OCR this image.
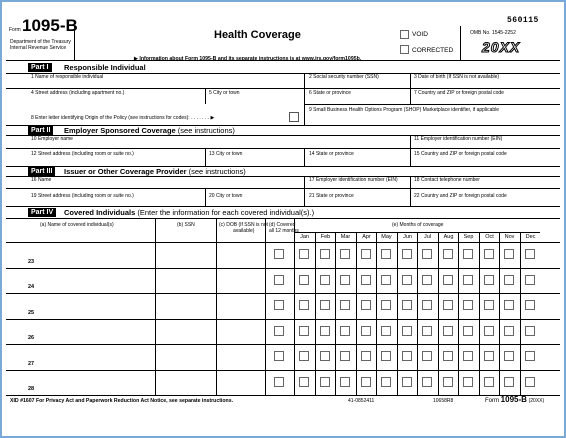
560115
Form 1095-B
Department of the Treasury
Internal Revenue Service
Health Coverage
▶ Information about Form 1095-B and its separate instructions is at www.irs.gov/form1095b.
VOID
CORRECTED
OMB No. 1545-2252
20XX
Part I	Responsible Individual
1 Name of responsible individual	2 Social security number (SSN)	3 Date of birth (If SSN is not available)
4 Street address (including apartment no.)	5 City or town	6 State or province	7 Country and ZIP or foreign postal code
9 Small Business Health Options Program (SHOP) Marketplace identifier, if applicable
8 Enter letter identifying Origin of the Policy (see instructions for codes): . . . . . . . ▶
Part II	Employer Sponsored Coverage (see instructions)
10 Employer name	11 Employer identification number (EIN)
12 Street address (including room or suite no.)	13 City or town	14 State or province	15 Country and ZIP or foreign postal code
Part III	Issuer or Other Coverage Provider (see instructions)
16 Name	17 Employer identification number (EIN)	18 Contact telephone number
19 Street address (including room or suite no.)	20 City or town	21 State or province	22 Country and ZIP or foreign postal code
Part IV	Covered Individuals (Enter the information for each covered individual(s).)
(a) Name of covered individual(s)	(b) SSN	(c) DOB (If SSN is not
available)
(d) Covered
all 12 months
(e) Months of coverage
XID #1607 For Privacy Act and Paperwork Reduction Act Notice, see separate instructions.	41-0852411	10658R8	Form 1095-B (20XX)
Jan	Feb	Mar	Apr	May	Jun	Jul	Aug	Sep	Oct	Nov	Dec
23
24
25
26
27
28
